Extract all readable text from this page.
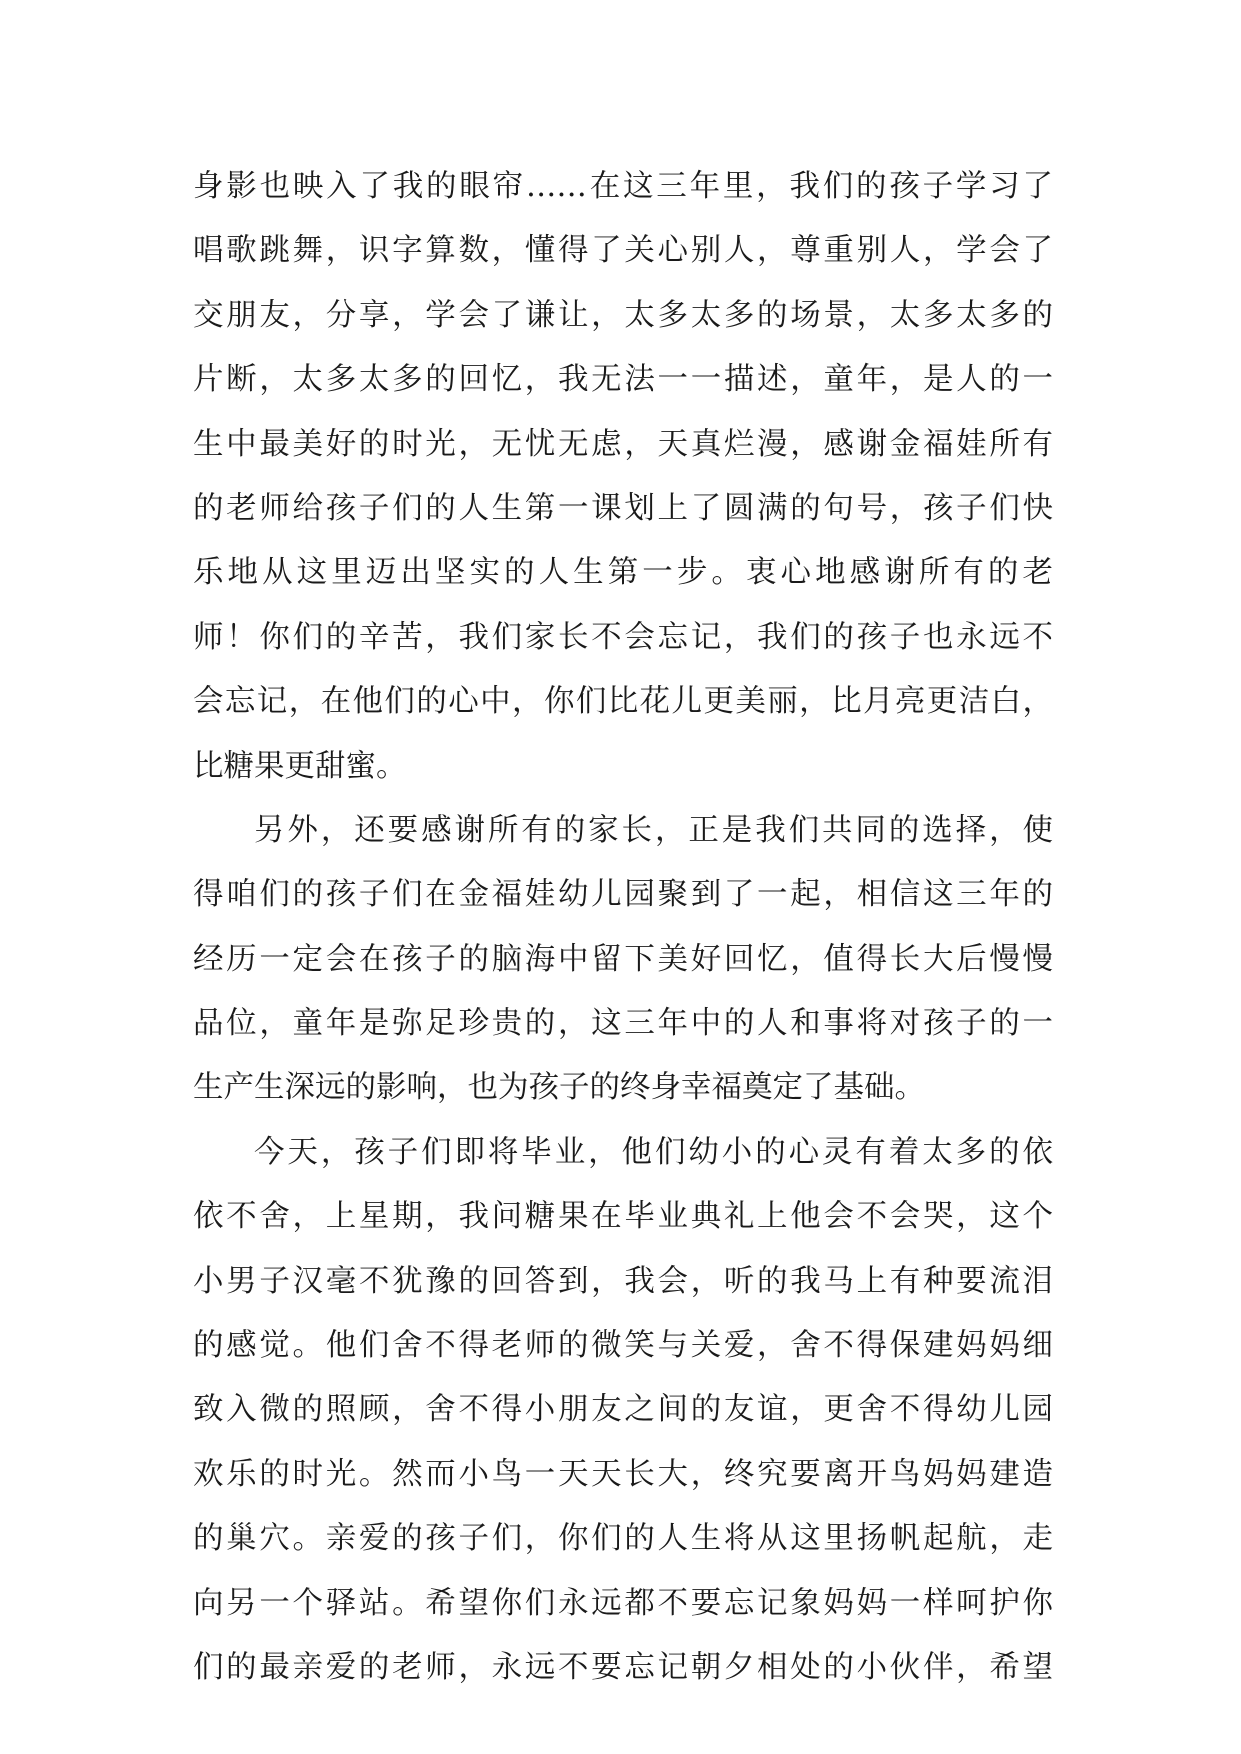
身影也映入了我的眼帘……在这三年里，我们的孩子学习了
唱歌跳舞，识字算数，懂得了关心别人，尊重别人，学会了
交朋友，分享，学会了谦让，太多太多的场景，太多太多的
片断，太多太多的回忆，我无法一一描述，童年，是人的一
生中最美好的时光，无忧无虑，天真烂漫，感谢金福娃所有
的老师给孩子们的人生第一课划上了圆满的句号，孩子们快
乐地从这里迈出坚实的人生第一步。衷心地感谢所有的老
师！你们的辛苦，我们家长不会忘记，我们的孩子也永远不
会忘记，在他们的心中，你们比花儿更美丽，比月亮更洁白，
比糖果更甜蜜。
另外，还要感谢所有的家长，正是我们共同的选择，使
得咱们的孩子们在金福娃幼儿园聚到了一起，相信这三年的
经历一定会在孩子的脑海中留下美好回忆，值得长大后慢慢
品位，童年是弥足珍贵的，这三年中的人和事将对孩子的一
生产生深远的影响，也为孩子的终身幸福奠定了基础。
今天，孩子们即将毕业，他们幼小的心灵有着太多的依
依不舍，上星期，我问糖果在毕业典礼上他会不会哭，这个
小男子汉毫不犹豫的回答到，我会，听的我马上有种要流泪
的感觉。他们舍不得老师的微笑与关爱，舍不得保建妈妈细
致入微的照顾，舍不得小朋友之间的友谊，更舍不得幼儿园
欢乐的时光。然而小鸟一天天长大，终究要离开鸟妈妈建造
的巢穴。亲爱的孩子们，你们的人生将从这里扬帆起航，走
向另一个驿站。希望你们永远都不要忘记象妈妈一样呵护你
们的最亲爱的老师，永远不要忘记朝夕相处的小伙伴，希望
